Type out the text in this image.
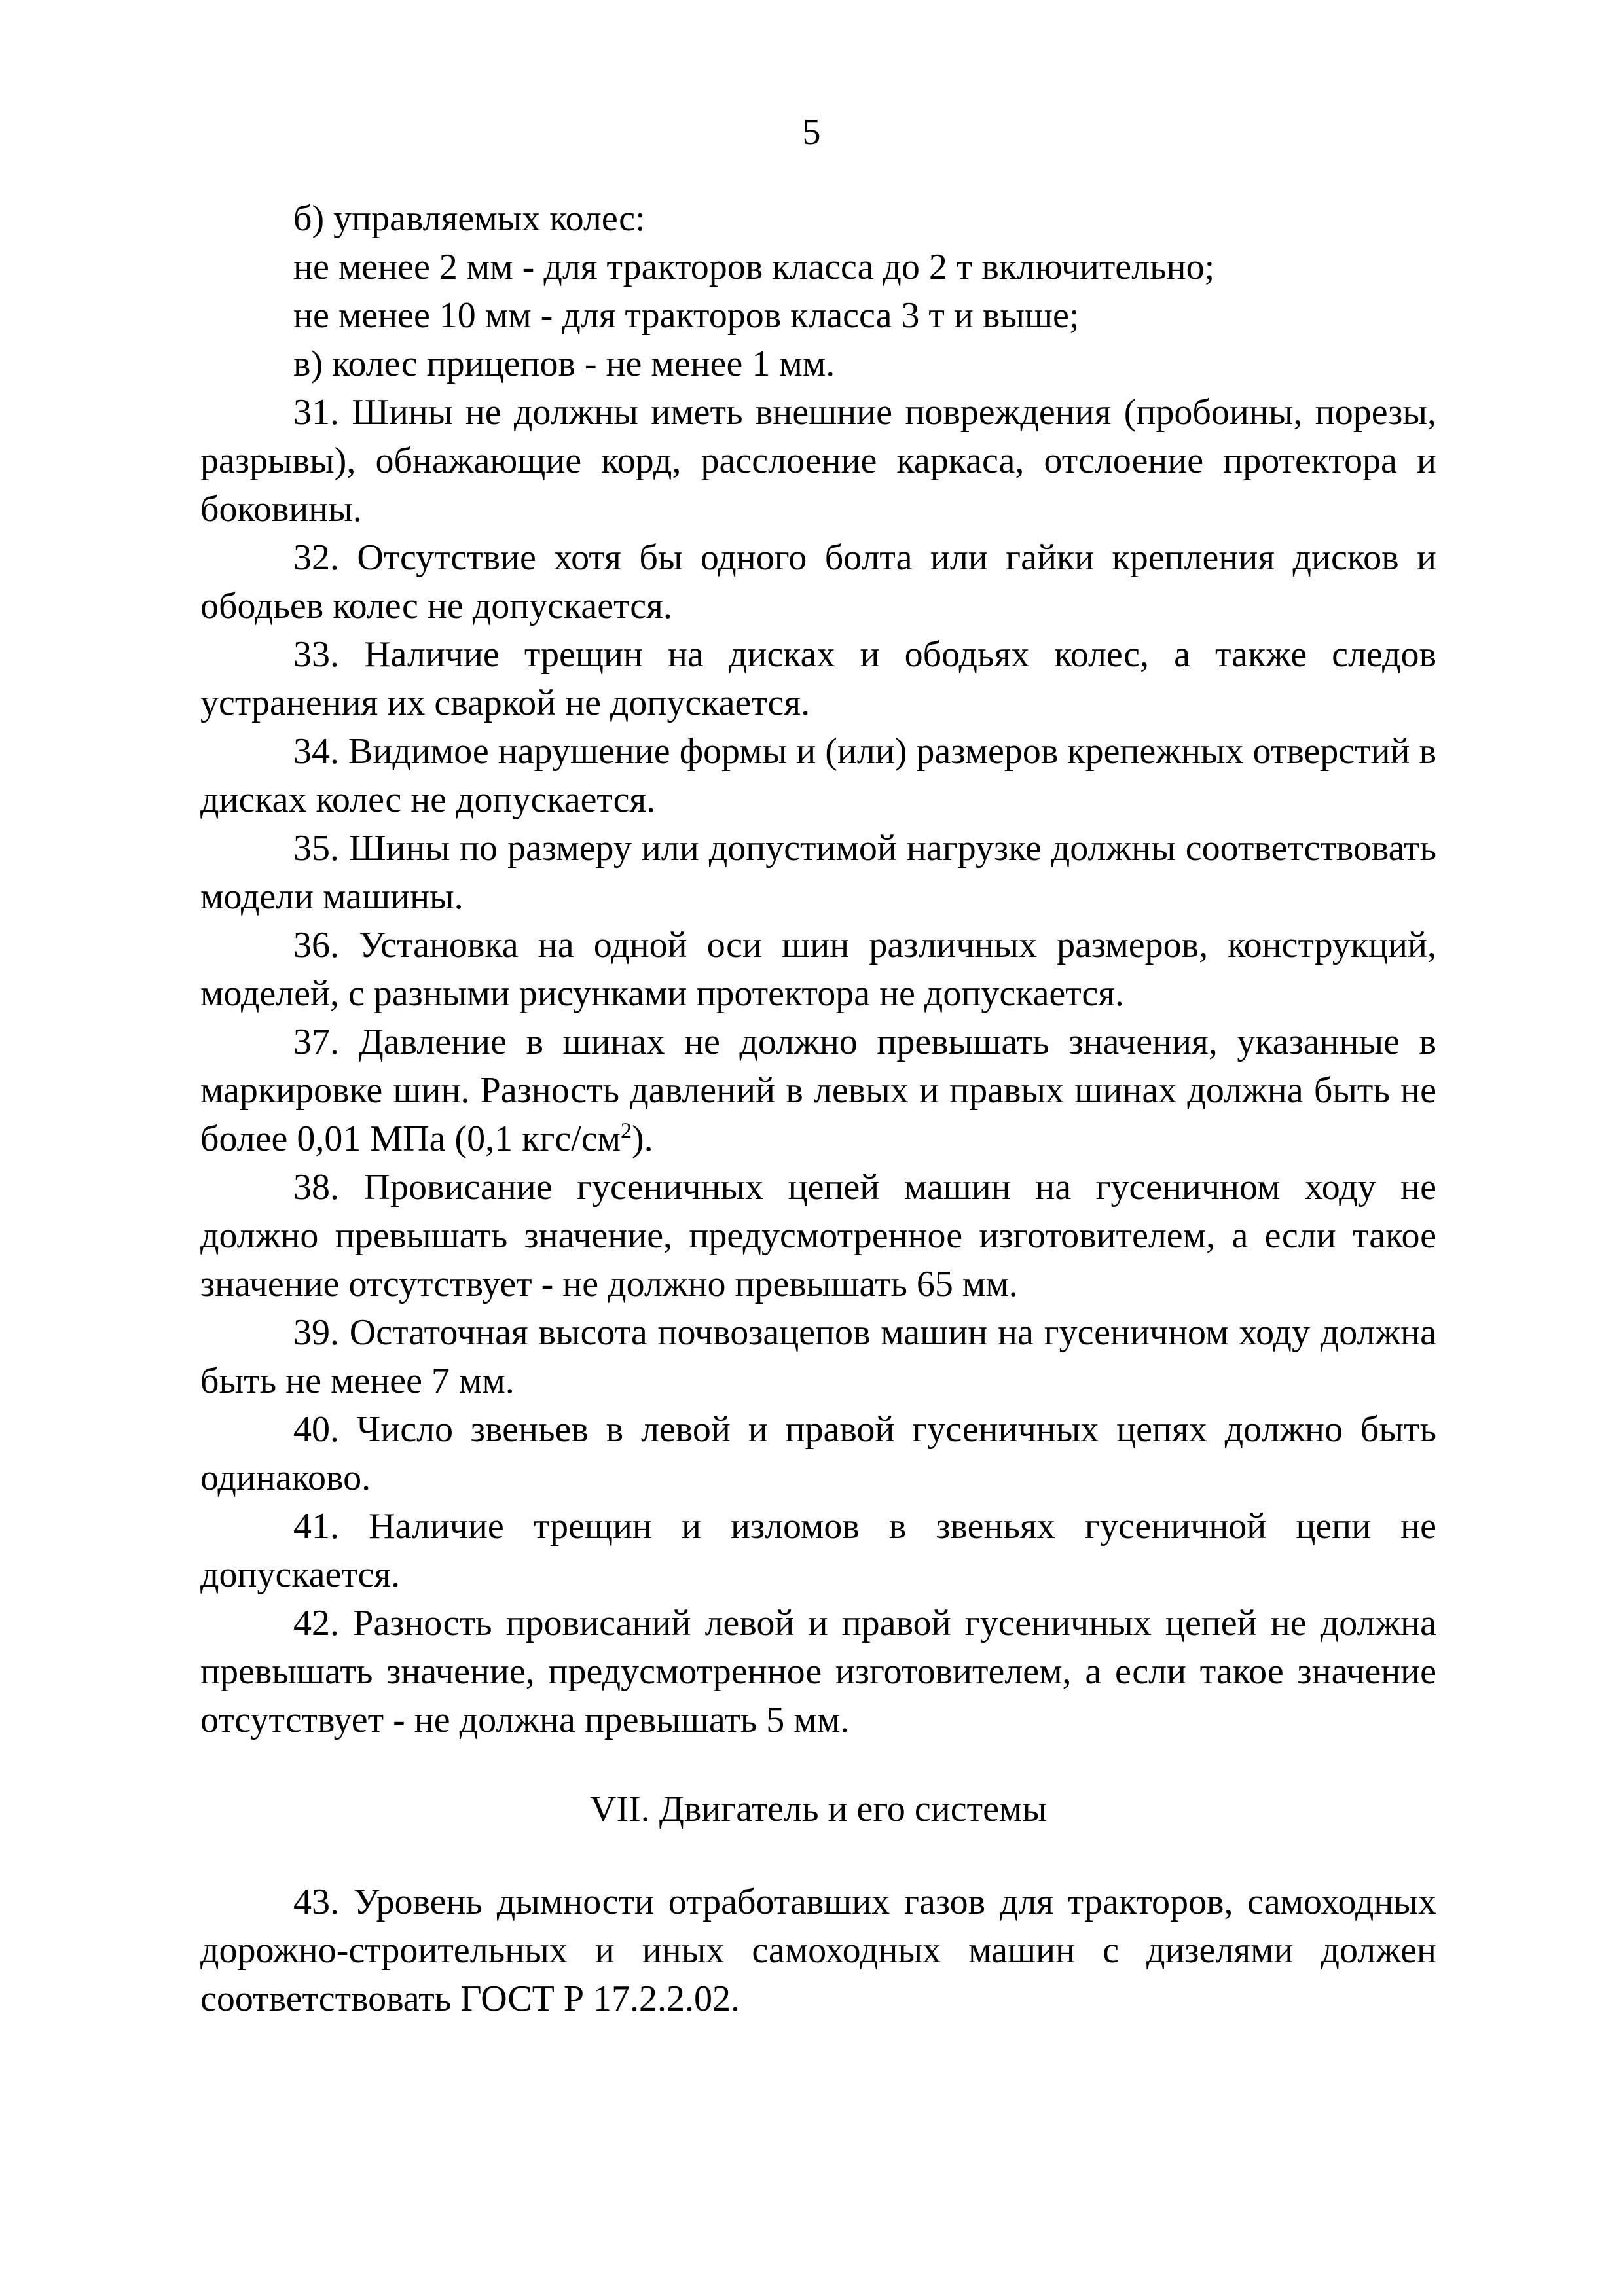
5

б) управляемых колес:

не менее 2 мм - для тракторов класса до 2 т включительно;

не менее 10 мм - для тракторов класса 3 т и выше;

в) колес прицепов - не менее 1 мм.

31. Шины не должны иметь внешние повреждения (пробоины, порезы, разрывы), обнажающие корд, расслоение каркаса, отслоение протектора и боковины.

32. Отсутствие хотя бы одного болта или гайки крепления дисков и ободьев колес не допускается.

33. Наличие трещин на дисках и ободьях колес, а также следов устранения их сваркой не допускается.

34. Видимое нарушение формы и (или) размеров крепежных отверстий в дисках колес не допускается.

35. Шины по размеру или допустимой нагрузке должны соответствовать модели машины.

36. Установка на одной оси шин различных размеров, конструкций, моделей, с разными рисунками протектора не допускается.

37. Давление в шинах не должно превышать значения, указанные в маркировке шин. Разность давлений в левых и правых шинах должна быть не более 0,01 МПа (0,1 кгс/$см^2$).

38. Провисание гусеничных цепей машин на гусеничном ходу не должно превышать значение, предусмотренное изготовителем, а если такое значение отсутствует - не должно превышать 65 мм.

39. Остаточная высота почвозацепов машин на гусеничном ходу должна быть не менее 7 мм.

40. Число звеньев в левой и правой гусеничных цепях должно быть одинаково.

41. Наличие трещин и изломов в звеньях гусеничной цепи не допускается.

42. Разность провисаний левой и правой гусеничных цепей не должна превышать значение, предусмотренное изготовителем, а если такое значение отсутствует - не должна превышать 5 мм.

VII. Двигатель и его системы

43. Уровень дымности отработавших газов для тракторов, самоходных дорожно-строительных и иных самоходных машин с дизелями должен соответствовать ГОСТ Р 17.2.2.02.
